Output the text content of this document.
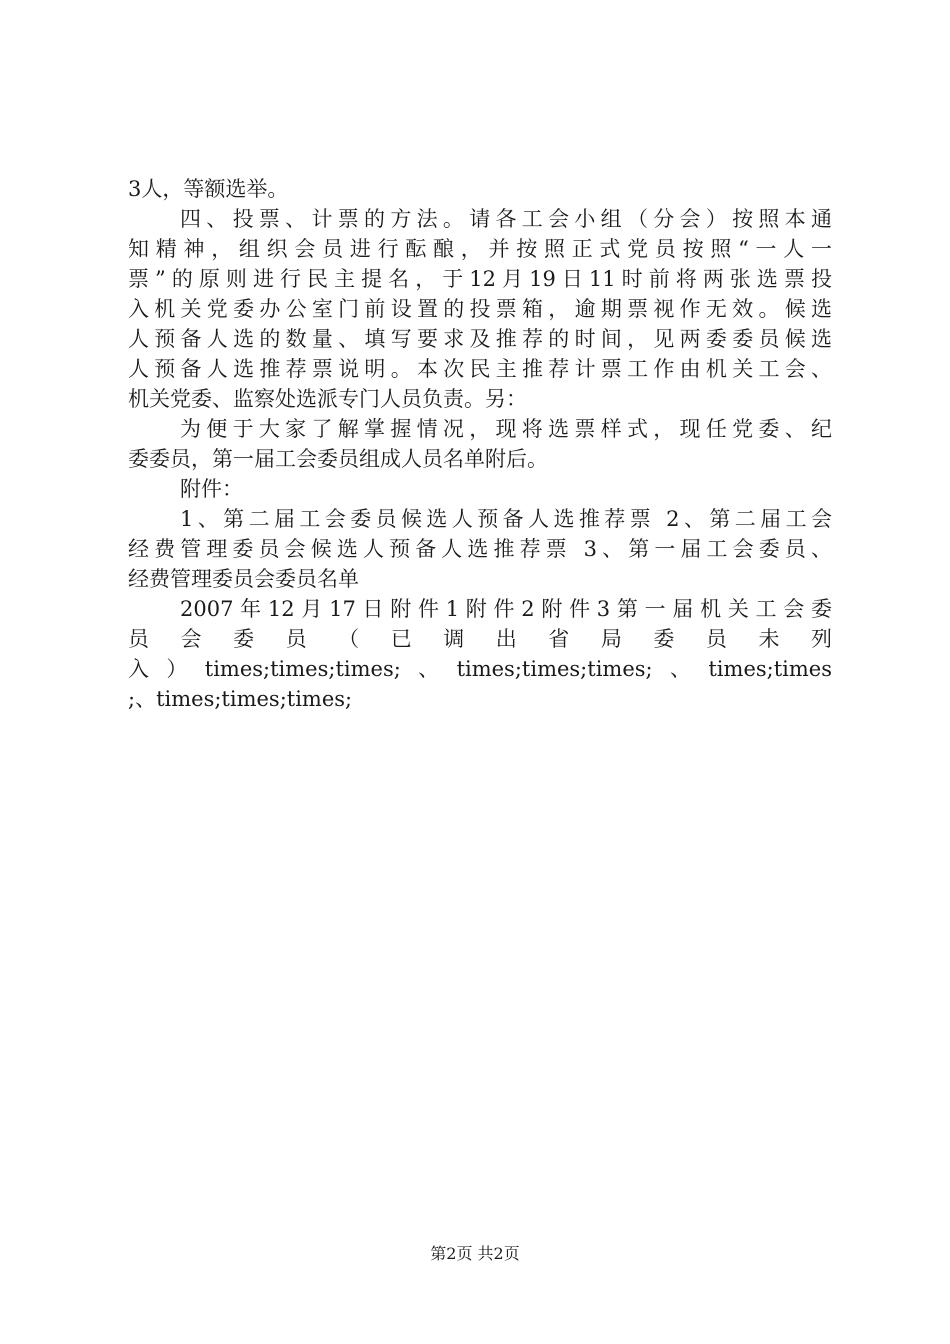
3人，等额选举。
四、投票、计票的方法。请各工会小组（分会）按照本通
知精神，组织会员进行酝酿，并按照正式党员按照“一人一
票”的原则进行民主提名，于12月19日11时前将两张选票投
入机关党委办公室门前设置的投票箱，逾期票视作无效。候选
人预备人选的数量、填写要求及推荐的时间，见两委委员候选
人预备人选推荐票说明。本次民主推荐计票工作由机关工会、
机关党委、监察处选派专门人员负责。另：
为便于大家了解掌握情况，现将选票样式，现任党委、纪
委委员，第一届工会委员组成人员名单附后。
附件：
1、第二届工会委员候选人预备人选推荐票 2、第二届工会
经费管理委员会候选人预备人选推荐票 3、第一届工会委员、
经费管理委员会委员名单
2007年12月17日附件1附件2附件3第一届机关工会委
员 会 委 员 （ 已 调 出 省 局 委 员 未 列
入）times;times;times;、times;times;times;、times;times
;、times;times;times;
第2页 共2页
